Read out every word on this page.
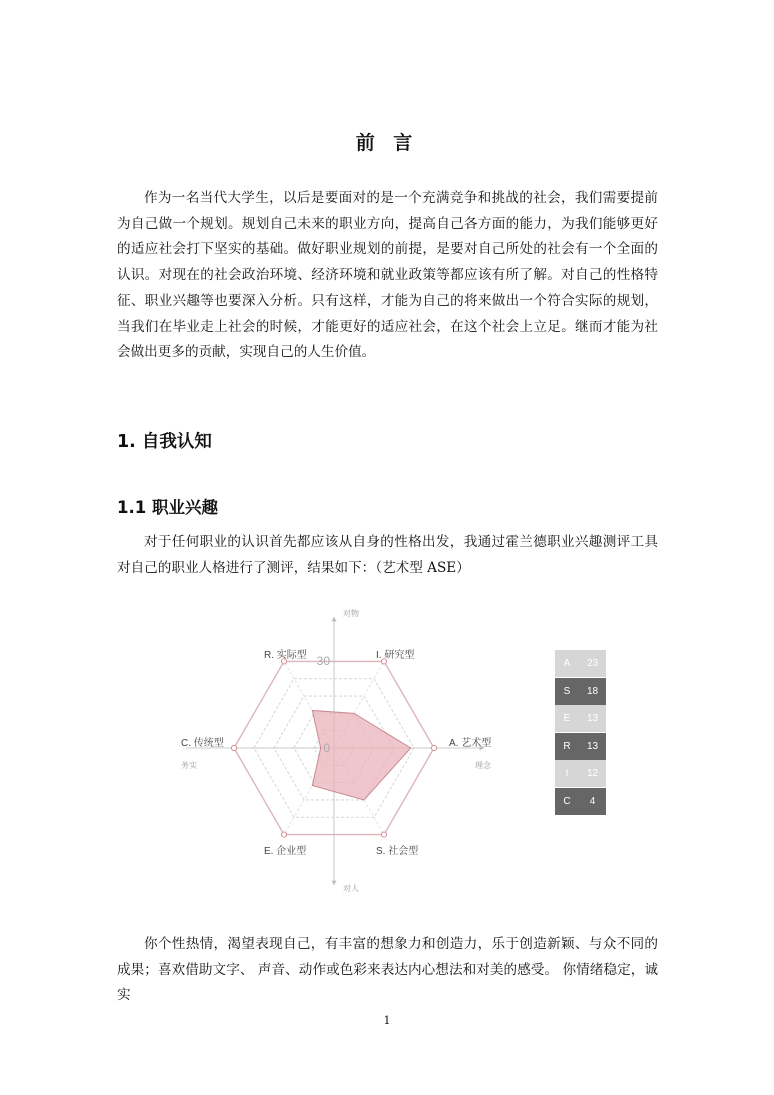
前 言

作为一名当代大学生，以后是要面对的是一个充满竞争和挑战的社会，我们需要提前为自己做一个规划。规划自己未来的职业方向，提高自己各方面的能力，为我们能够更好的适应社会打下坚实的基础。做好职业规划的前提，是要对自己所处的社会有一个全面的认识。对现在的社会政治环境、经济环境和就业政策等都应该有所了解。对自己的性格特征、职业兴趣等也要深入分析。只有这样，才能为自己的将来做出一个符合实际的规划，当我们在毕业走上社会的时候，才能更好的适应社会，在这个社会上立足。继而才能为社会做出更多的贡献，实现自己的人生价值。

1. 自我认知
1.1 职业兴趣

对于任何职业的认识首先都应该从自身的性格出发，我通过霍兰德职业兴趣测评工具对自己的职业人格进行了测评，结果如下：（艺术型 ASE）

A. 艺术型
S. 社会型
E. 企业型
C. 传统型
R. 实际型	I. 研究型
30
0
对物
对人
务实	理念
A	23
S	18
E	13
R	13
I	12
C	4

你个性热情，渴望表现自己，有丰富的想象力和创造力，乐于创造新颖、与众不同的成果；喜欢借助文字、 声音、动作或色彩来表达内心想法和对美的感受。 你情绪稳定，诚实

1
